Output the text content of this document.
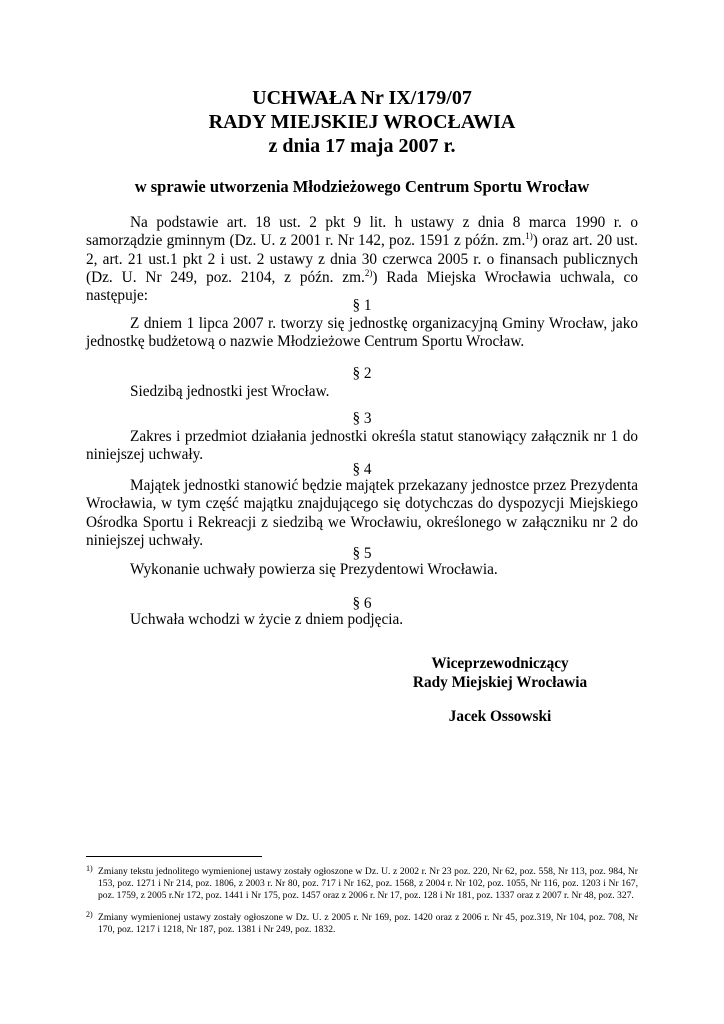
UCHWAŁA Nr IX/179/07
RADY MIEJSKIEJ WROCŁAWIA
z dnia 17 maja 2007 r.
w sprawie utworzenia Młodzieżowego Centrum Sportu Wrocław
Na podstawie art. 18 ust. 2 pkt 9 lit. h ustawy z dnia 8 marca 1990 r. o samorządzie gminnym (Dz. U. z 2001 r. Nr 142, poz. 1591 z późn. zm.$^{1)}$) oraz art. 20 ust. 2, art. 21 ust.1 pkt 2 i ust. 2 ustawy z dnia 30 czerwca 2005 r. o finansach publicznych (Dz. U. Nr 249, poz. 2104, z późn. zm.$^{2)}$) Rada Miejska Wrocławia uchwala, co następuje:
§ 1
Z dniem 1 lipca 2007 r. tworzy się jednostkę organizacyjną Gminy Wrocław, jako jednostkę budżetową o nazwie Młodzieżowe Centrum Sportu Wrocław.
§ 2
Siedzibą jednostki jest Wrocław.
§ 3
Zakres i przedmiot działania jednostki określa statut stanowiący załącznik nr 1 do niniejszej uchwały.
§ 4
Majątek jednostki stanowić będzie majątek przekazany jednostce przez Prezydenta Wrocławia, w tym część majątku znajdującego się dotychczas do dyspozycji Miejskiego Ośrodka Sportu i Rekreacji z siedzibą we Wrocławiu, określonego w załączniku nr 2 do niniejszej uchwały.
§ 5
Wykonanie uchwały powierza się Prezydentowi Wrocławia.
§ 6
Uchwała wchodzi w życie z dniem podjęcia.
Wiceprzewodniczący
Rady Miejskiej Wrocławia
Jacek Ossowski
1) Zmiany tekstu jednolitego wymienionej ustawy zostały ogłoszone w Dz. U. z 2002 r. Nr 23 poz. 220, Nr 62, poz. 558, Nr 113, poz. 984, Nr 153, poz. 1271 i Nr 214, poz. 1806, z 2003 r. Nr 80, poz. 717 i Nr 162, poz. 1568, z 2004 r. Nr 102, poz. 1055, Nr 116, poz. 1203 i Nr 167, poz. 1759, z 2005 r.Nr 172, poz. 1441 i Nr 175, poz. 1457 oraz z 2006 r. Nr 17, poz. 128 i Nr 181, poz. 1337 oraz z 2007 r. Nr 48, poz. 327.
2) Zmiany wymienionej ustawy zostały ogłoszone w Dz. U. z 2005 r. Nr 169, poz. 1420 oraz z 2006 r. Nr 45, poz.319, Nr 104, poz. 708, Nr 170, poz. 1217 i 1218, Nr 187, poz. 1381 i Nr 249, poz. 1832.
